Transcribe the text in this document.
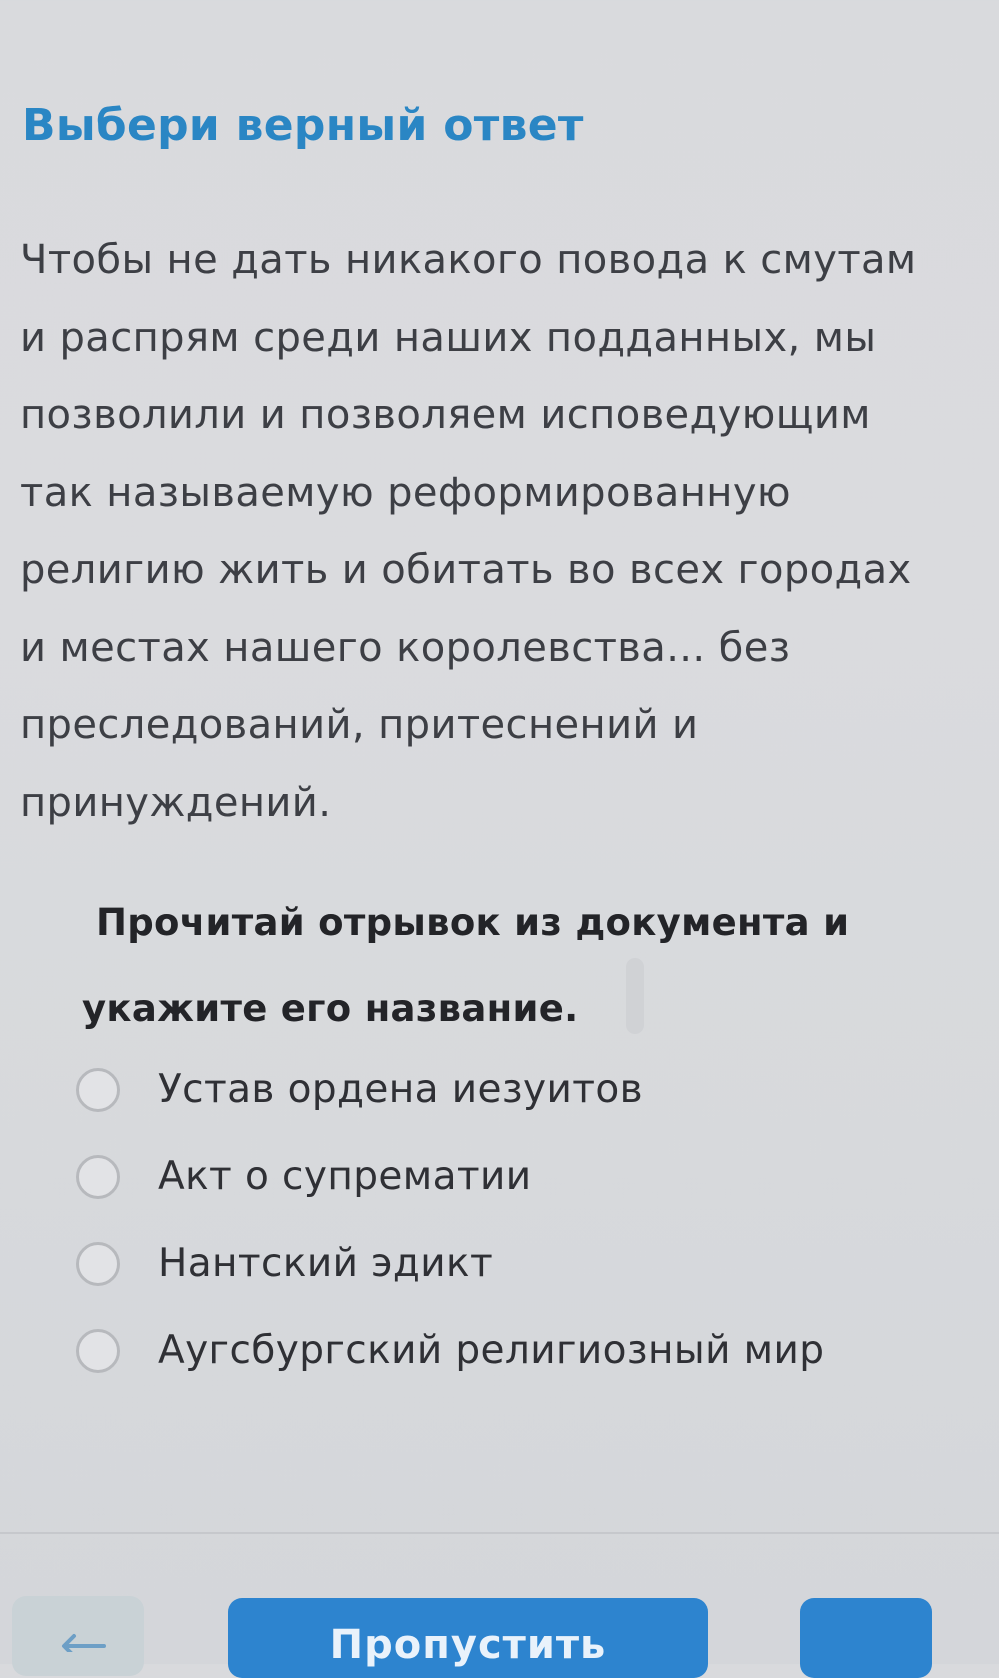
Выбери верный ответ
Чтобы не дать никакого повода к смутам
и распрям среди наших подданных, мы
позволили и позволяем исповедующим
так называемую реформированную
религию жить и обитать во всех городах
и местах нашего королевства... без
преследований, притеснений и
принуждений.
Прочитай отрывок из документа и
укажите его название.
Устав ордена иезуитов
Акт о супрематии
Нантский эдикт
Аугсбургский религиозный мир
Пропустить
